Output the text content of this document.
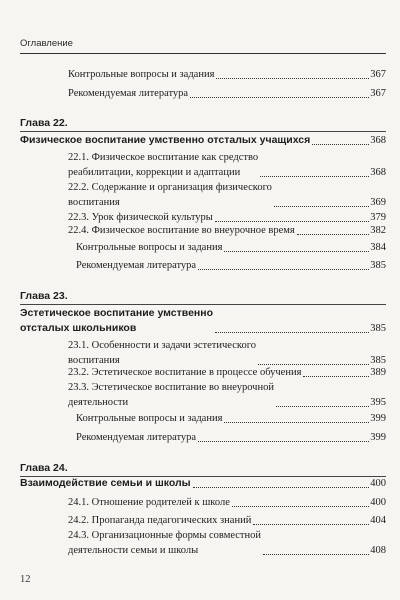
Оглавление
Контрольные вопросы и задания	367
Рекомендуемая литература	367
Глава 22.
Физическое воспитание умственно отсталых учащихся	368
22.1. Физическое воспитание как средство
реабилитации, коррекции и адаптации	368
22.2. Содержание и организация физического
воспитания	369
22.3. Урок физической культуры	379
22.4. Физическое воспитание во внеурочное время	382
Контрольные вопросы и задания	384
Рекомендуемая литература	385
Глава 23.
Эстетическое воспитание умственно
отсталых школьников	385
23.1. Особенности и задачи эстетического
воспитания	385
23.2. Эстетическое воспитание в процессе обучения	389
23.3. Эстетическое воспитание во внеурочной
деятельности	395
Контрольные вопросы и задания	399
Рекомендуемая литература	399
Глава 24.
Взаимодействие семьи и школы	400
24.1. Отношение родителей к школе	400
24.2. Пропаганда педагогических знаний	404
24.3. Организационные формы совместной
деятельности семьи и школы	408
12
